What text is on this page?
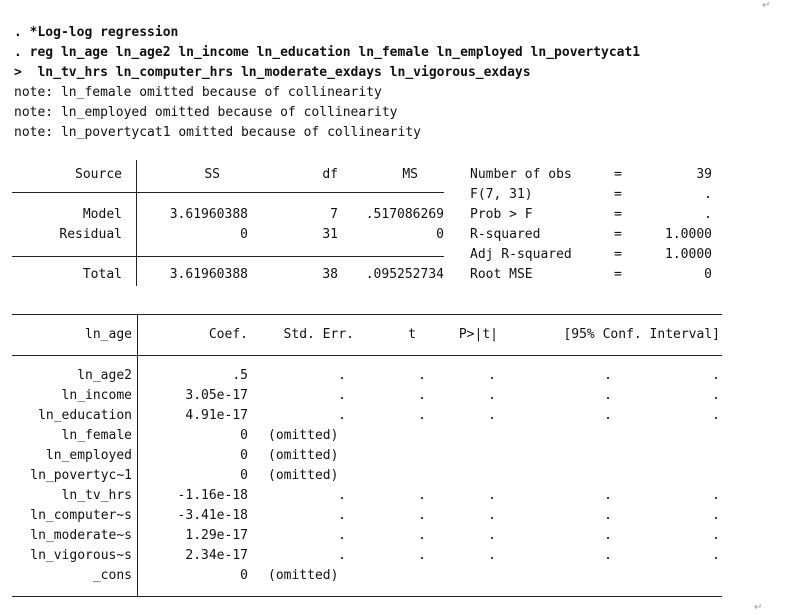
↵
↵
. *Log-log regression
. reg ln_age ln_age2 ln_income ln_education ln_female ln_employed ln_povertycat1
>  ln_tv_hrs ln_computer_hrs ln_moderate_exdays ln_vigorous_exdays
note: ln_female omitted because of collinearity
note: ln_employed omitted because of collinearity
note: ln_povertycat1 omitted because of collinearity
Source	SS	df	MS
Model	3.61960388	7	.517086269
Residual	0	31	0
Total	3.61960388	38	.095252734
Number of obs	=	39
F(7, 31)	=	.
Prob > F	=	.
R-squared	=	1.0000
Adj R-squared	=	1.0000
Root MSE	=	0
ln_age	Coef.	Std. Err.	t	P>|t|	[95% Conf. Interval]
ln_age2	.5	.	.	.	.	.
ln_income	3.05e-17	.	.	.	.	.
ln_education	4.91e-17	.	.	.	.	.
ln_female	0 (omitted)
ln_employed	0 (omitted)
ln_povertyc~1	0 (omitted)
ln_tv_hrs	-1.16e-18	.	.	.	.	.
ln_computer~s	-3.41e-18	.	.	.	.	.
ln_moderate~s	1.29e-17	.	.	.	.	.
ln_vigorous~s	2.34e-17	.	.	.	.	.
_cons	0 (omitted)
